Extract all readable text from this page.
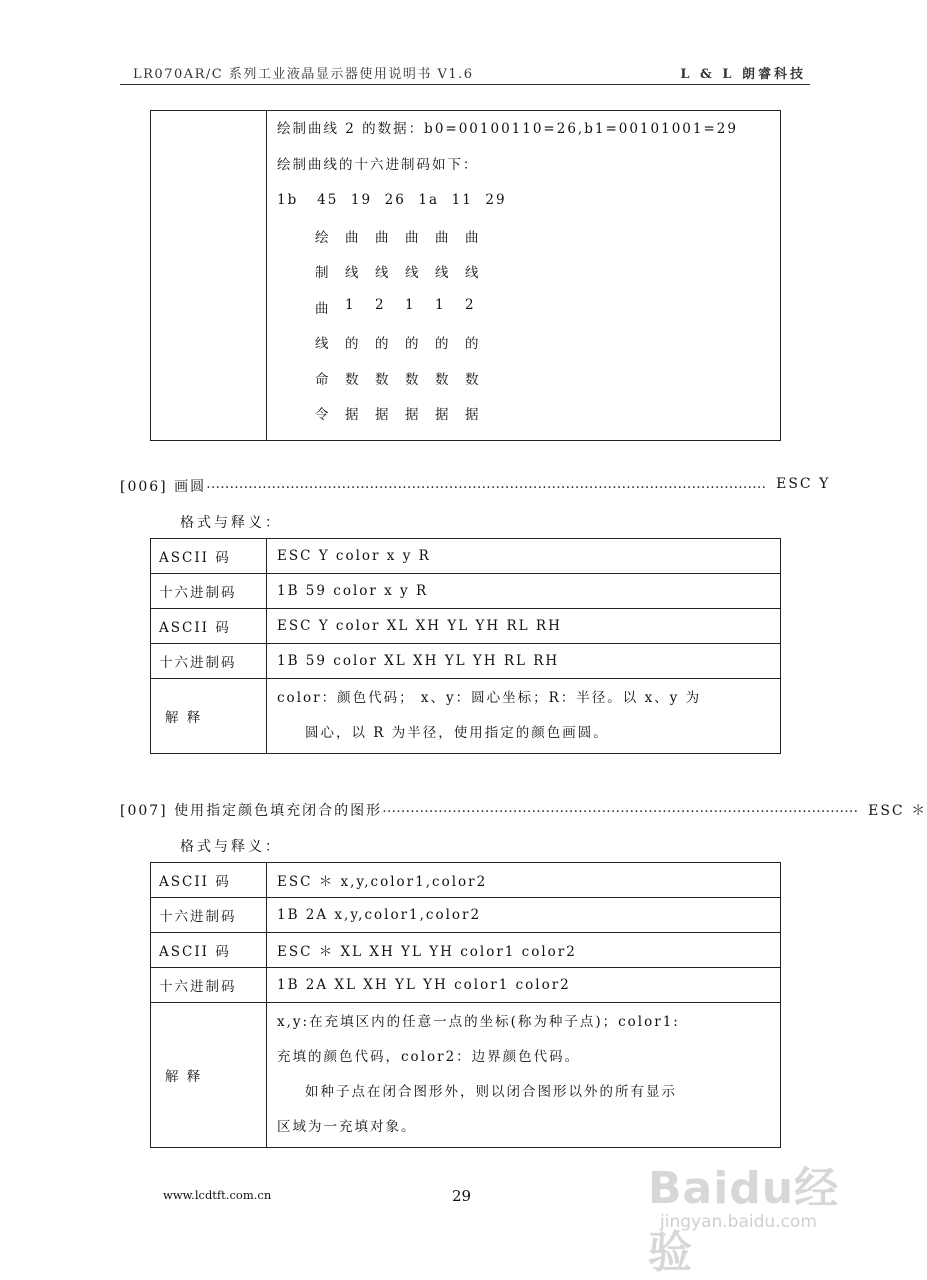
LR070AR/C 系列工业液晶显示器使用说明书 V1.6	L & L 朗睿科技

绘制曲线 2 的数据：b0=00100110=26,b1=00101001=29
绘制曲线的十六进制码如下：
1b   45  19  26  1a  11  29
绘	曲	曲	曲	曲	曲
制	线	线	线	线	线
曲	1	2	1	1	2
线	的	的	的	的	的
命	数	数	数	数	数
令	据	据	据	据	据
[006] 画圆 ………………………………………………………………………………………………………… ESC Y
格式与释义：
ASCII 码	ESC Y color x y R
十六进制码	1B 59 color x y R
ASCII 码	ESC Y color XL XH YL YH RL RH
十六进制码	1B 59 color XL XH YL YH RL RH
解 释	color：颜色代码； x、y：圆心坐标；R：半径。以 x、y 为
圆心，以 R 为半径，使用指定的颜色画圆。
[007] 使用指定颜色填充闭合的图形 ………………………………………………………………………………………… ESC ＊
格式与释义：
ASCII 码	ESC ＊ x,y,color1,color2
十六进制码	1B 2A x,y,color1,color2
ASCII 码	ESC ＊ XL XH YL YH color1 color2
十六进制码	1B 2A XL XH YL YH color1 color2
解 释	x,y:在充填区内的任意一点的坐标(称为种子点)；color1:
充填的颜色代码，color2：边界颜色代码。
如种子点在闭合图形外，则以闭合图形以外的所有显示
区域为一充填对象。
www.lcdtft.com.cn	29	Baidu经验
jingyan.baidu.com
